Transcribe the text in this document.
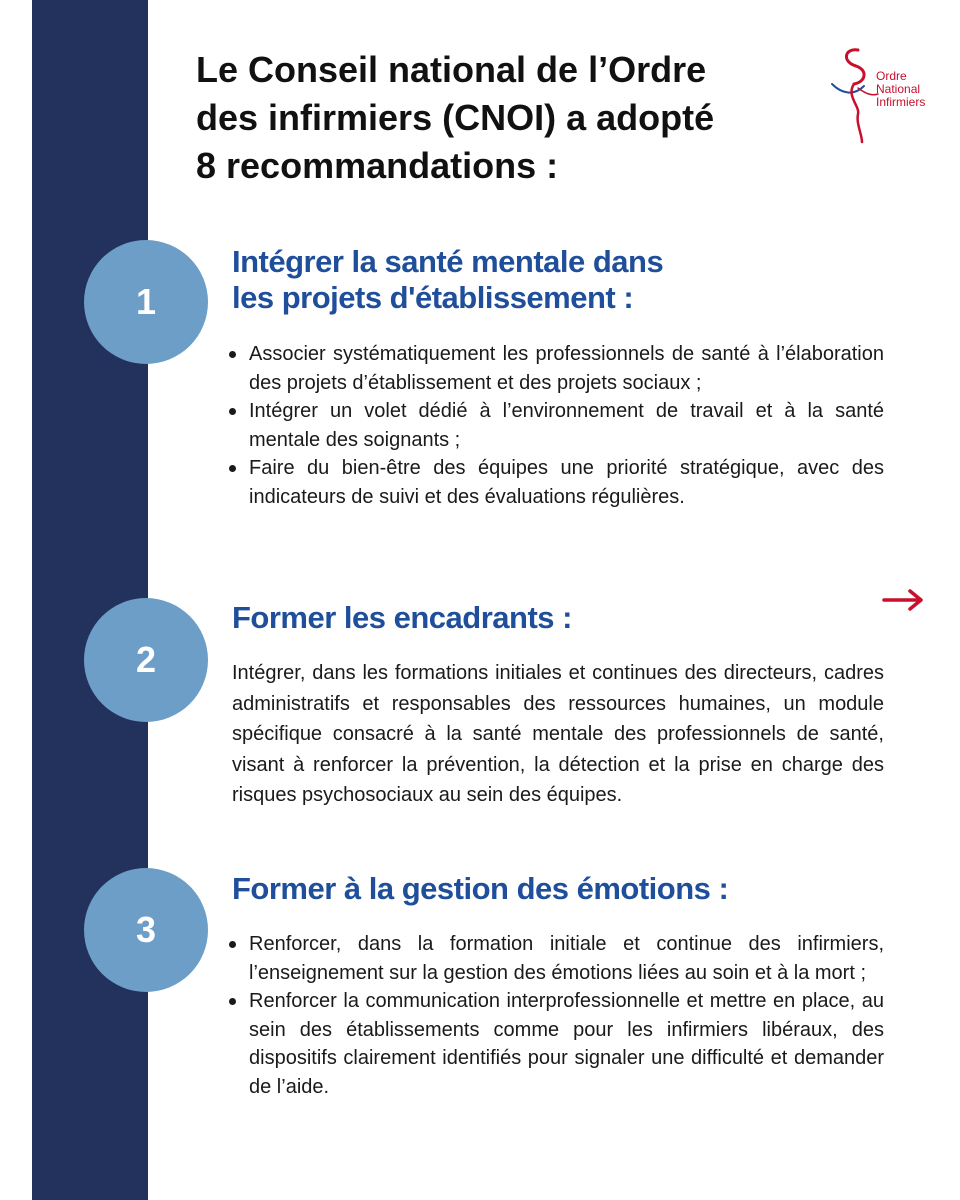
Le Conseil national de l’Ordre
des infirmiers (CNOI) a adopté
8 recommandations :
Ordre
National
Infirmiers
1
Intégrer la santé mentale dans
les projets d'établissement :
Associer systématiquement les professionnels de santé à l’élaboration des projets d’établissement et des projets sociaux ;
Intégrer un volet dédié à l’environnement de travail et à la santé mentale des soignants ;
Faire du bien-être des équipes une priorité stratégique, avec des indicateurs de suivi et des évaluations régulières.
2
Former les encadrants :

Intégrer, dans les formations initiales et continues des directeurs, cadres administratifs et responsables des ressources humaines, un module spécifique consacré à la santé mentale des professionnels de santé, visant à renforcer la prévention, la détection et la prise en charge des risques psychosociaux au sein des équipes.

3
Former à la gestion des émotions :
Renforcer, dans la formation initiale et continue des infirmiers, l’enseignement sur la gestion des émotions liées au soin et à la mort ;
Renforcer la communication interprofessionnelle et mettre en place, au sein des établissements comme pour les infirmiers libéraux, des dispositifs clairement identifiés pour signaler une difficulté et demander de l’aide.
